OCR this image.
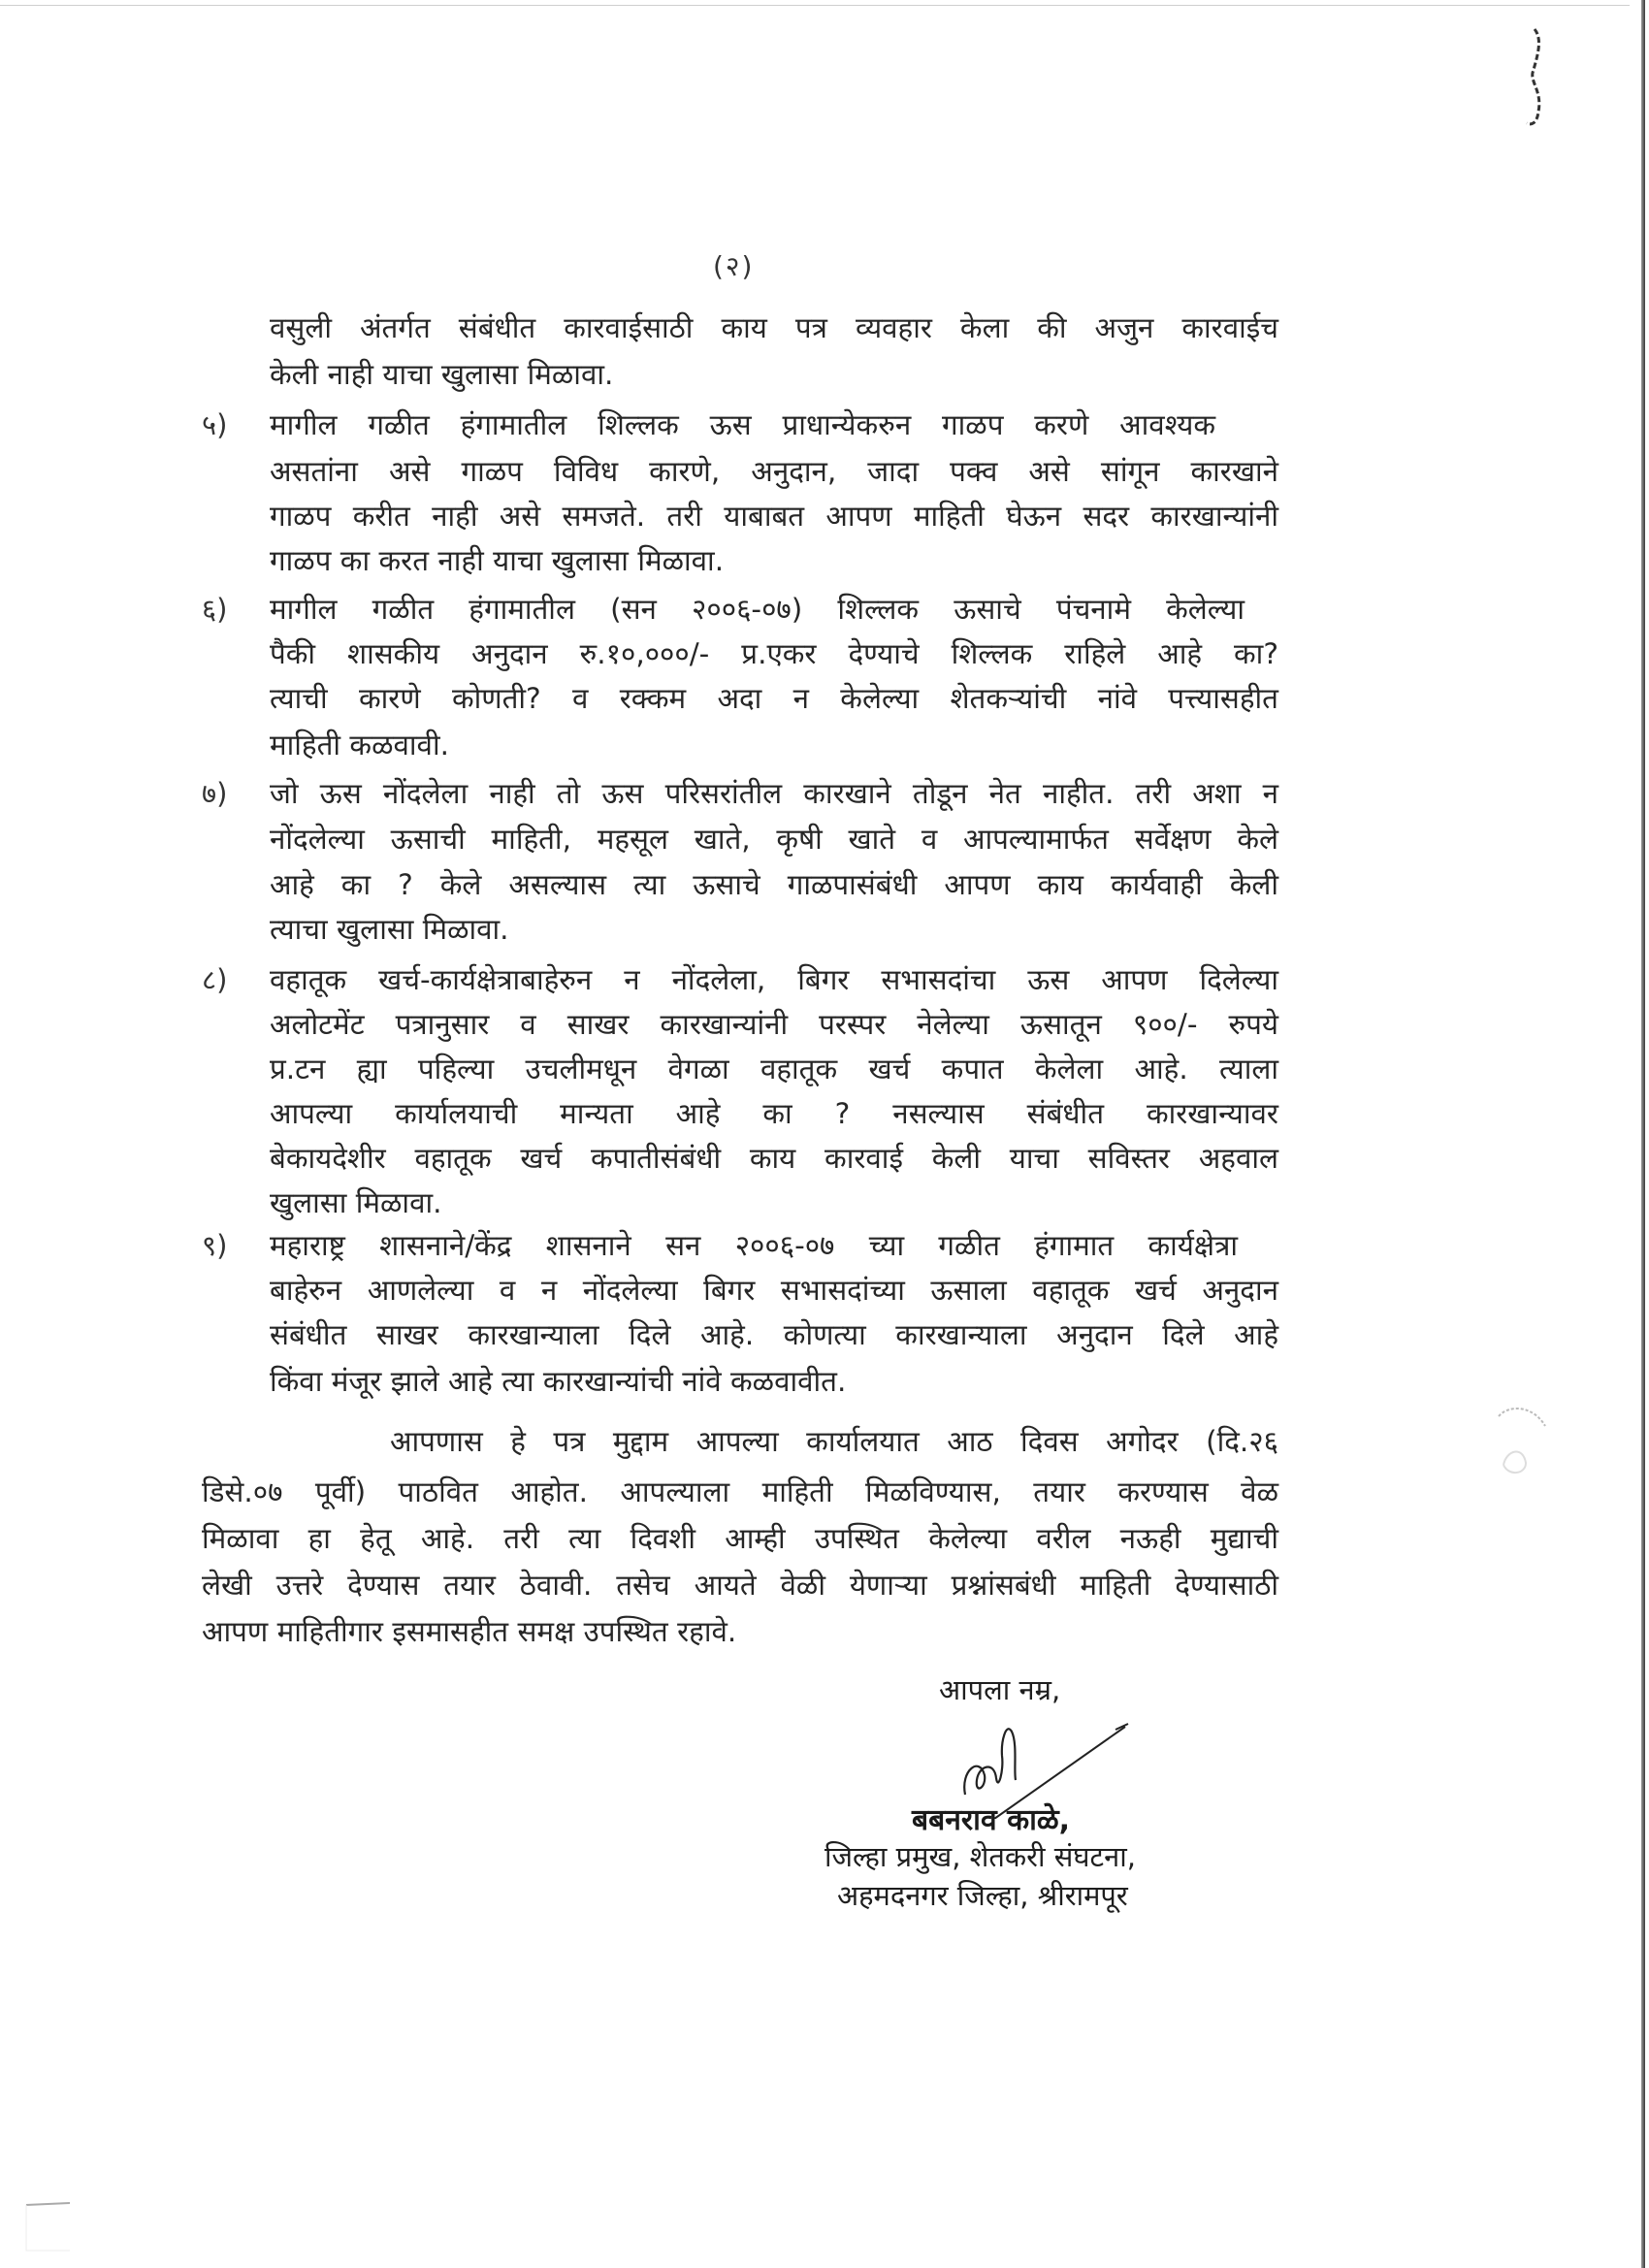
(२)
वसुली अंतर्गत संबंधीत कारवाईसाठी काय पत्र व्यवहार केला की अजुन कारवाईच
केली नाही याचा खुलासा मिळावा.
५) मागील गळीत हंगामातील शिल्लक ऊस प्राधान्येकरुन गाळप करणे आवश्यक
असतांना असे गाळप विविध कारणे, अनुदान, जादा पक्व असे सांगून कारखाने
गाळप करीत नाही असे समजते. तरी याबाबत आपण माहिती घेऊन सदर कारखान्यांनी
गाळप का करत नाही याचा खुलासा मिळावा.
६) मागील गळीत हंगामातील (सन २००६-०७) शिल्लक ऊसाचे पंचनामे केलेल्या
पैकी शासकीय अनुदान रु.१०,०००/- प्र.एकर देण्याचे शिल्लक राहिले आहे का?
त्याची कारणे कोणती? व रक्कम अदा न केलेल्या शेतकऱ्यांची नांवे पत्त्यासहीत
माहिती कळवावी.
७) जो ऊस नोंदलेला नाही तो ऊस परिसरांतील कारखाने तोडून नेत नाहीत. तरी अशा न
नोंदलेल्या ऊसाची माहिती, महसूल खाते, कृषी खाते व आपल्यामार्फत सर्वेक्षण केले
आहे का ? केले असल्यास त्या ऊसाचे गाळपासंबंधी आपण काय कार्यवाही केली
त्याचा खुलासा मिळावा.
८) वहातूक खर्च-कार्यक्षेत्राबाहेरुन न नोंदलेला, बिगर सभासदांचा ऊस आपण दिलेल्या
अलोटमेंट पत्रानुसार व साखर कारखान्यांनी परस्पर नेलेल्या ऊसातून ९००/- रुपये
प्र.टन ह्या पहिल्या उचलीमधून वेगळा वहातूक खर्च कपात केलेला आहे. त्याला
आपल्या कार्यालयाची मान्यता आहे का ? नसल्यास संबंधीत कारखान्यावर
बेकायदेशीर वहातूक खर्च कपातीसंबंधी काय कारवाई केली याचा सविस्तर अहवाल
खुलासा मिळावा.
९) महाराष्ट्र शासनाने/केंद्र शासनाने सन २००६-०७ च्या गळीत हंगामात कार्यक्षेत्रा
बाहेरुन आणलेल्या व न नोंदलेल्या बिगर सभासदांच्या ऊसाला वहातूक खर्च अनुदान
संबंधीत साखर कारखान्याला दिले आहे. कोणत्या कारखान्याला अनुदान दिले आहे
किंवा मंजूर झाले आहे त्या कारखान्यांची नांवे कळवावीत.
आपणास हे पत्र मुद्दाम आपल्या कार्यालयात आठ दिवस अगोदर (दि.२६
डिसे.०७ पूर्वी) पाठवित आहोत. आपल्याला माहिती मिळविण्यास, तयार करण्यास वेळ
मिळावा हा हेतू आहे. तरी त्या दिवशी आम्ही उपस्थित केलेल्या वरील नऊही मुद्याची
लेखी उत्तरे देण्यास तयार ठेवावी. तसेच आयते वेळी येणाऱ्या प्रश्नांसबंधी माहिती देण्यासाठी
आपण माहितीगार इसमासहीत समक्ष उपस्थित रहावे.
आपला नम्र,
बबनराव काळे,
जिल्हा प्रमुख, शेतकरी संघटना,
अहमदनगर जिल्हा, श्रीरामपूर
